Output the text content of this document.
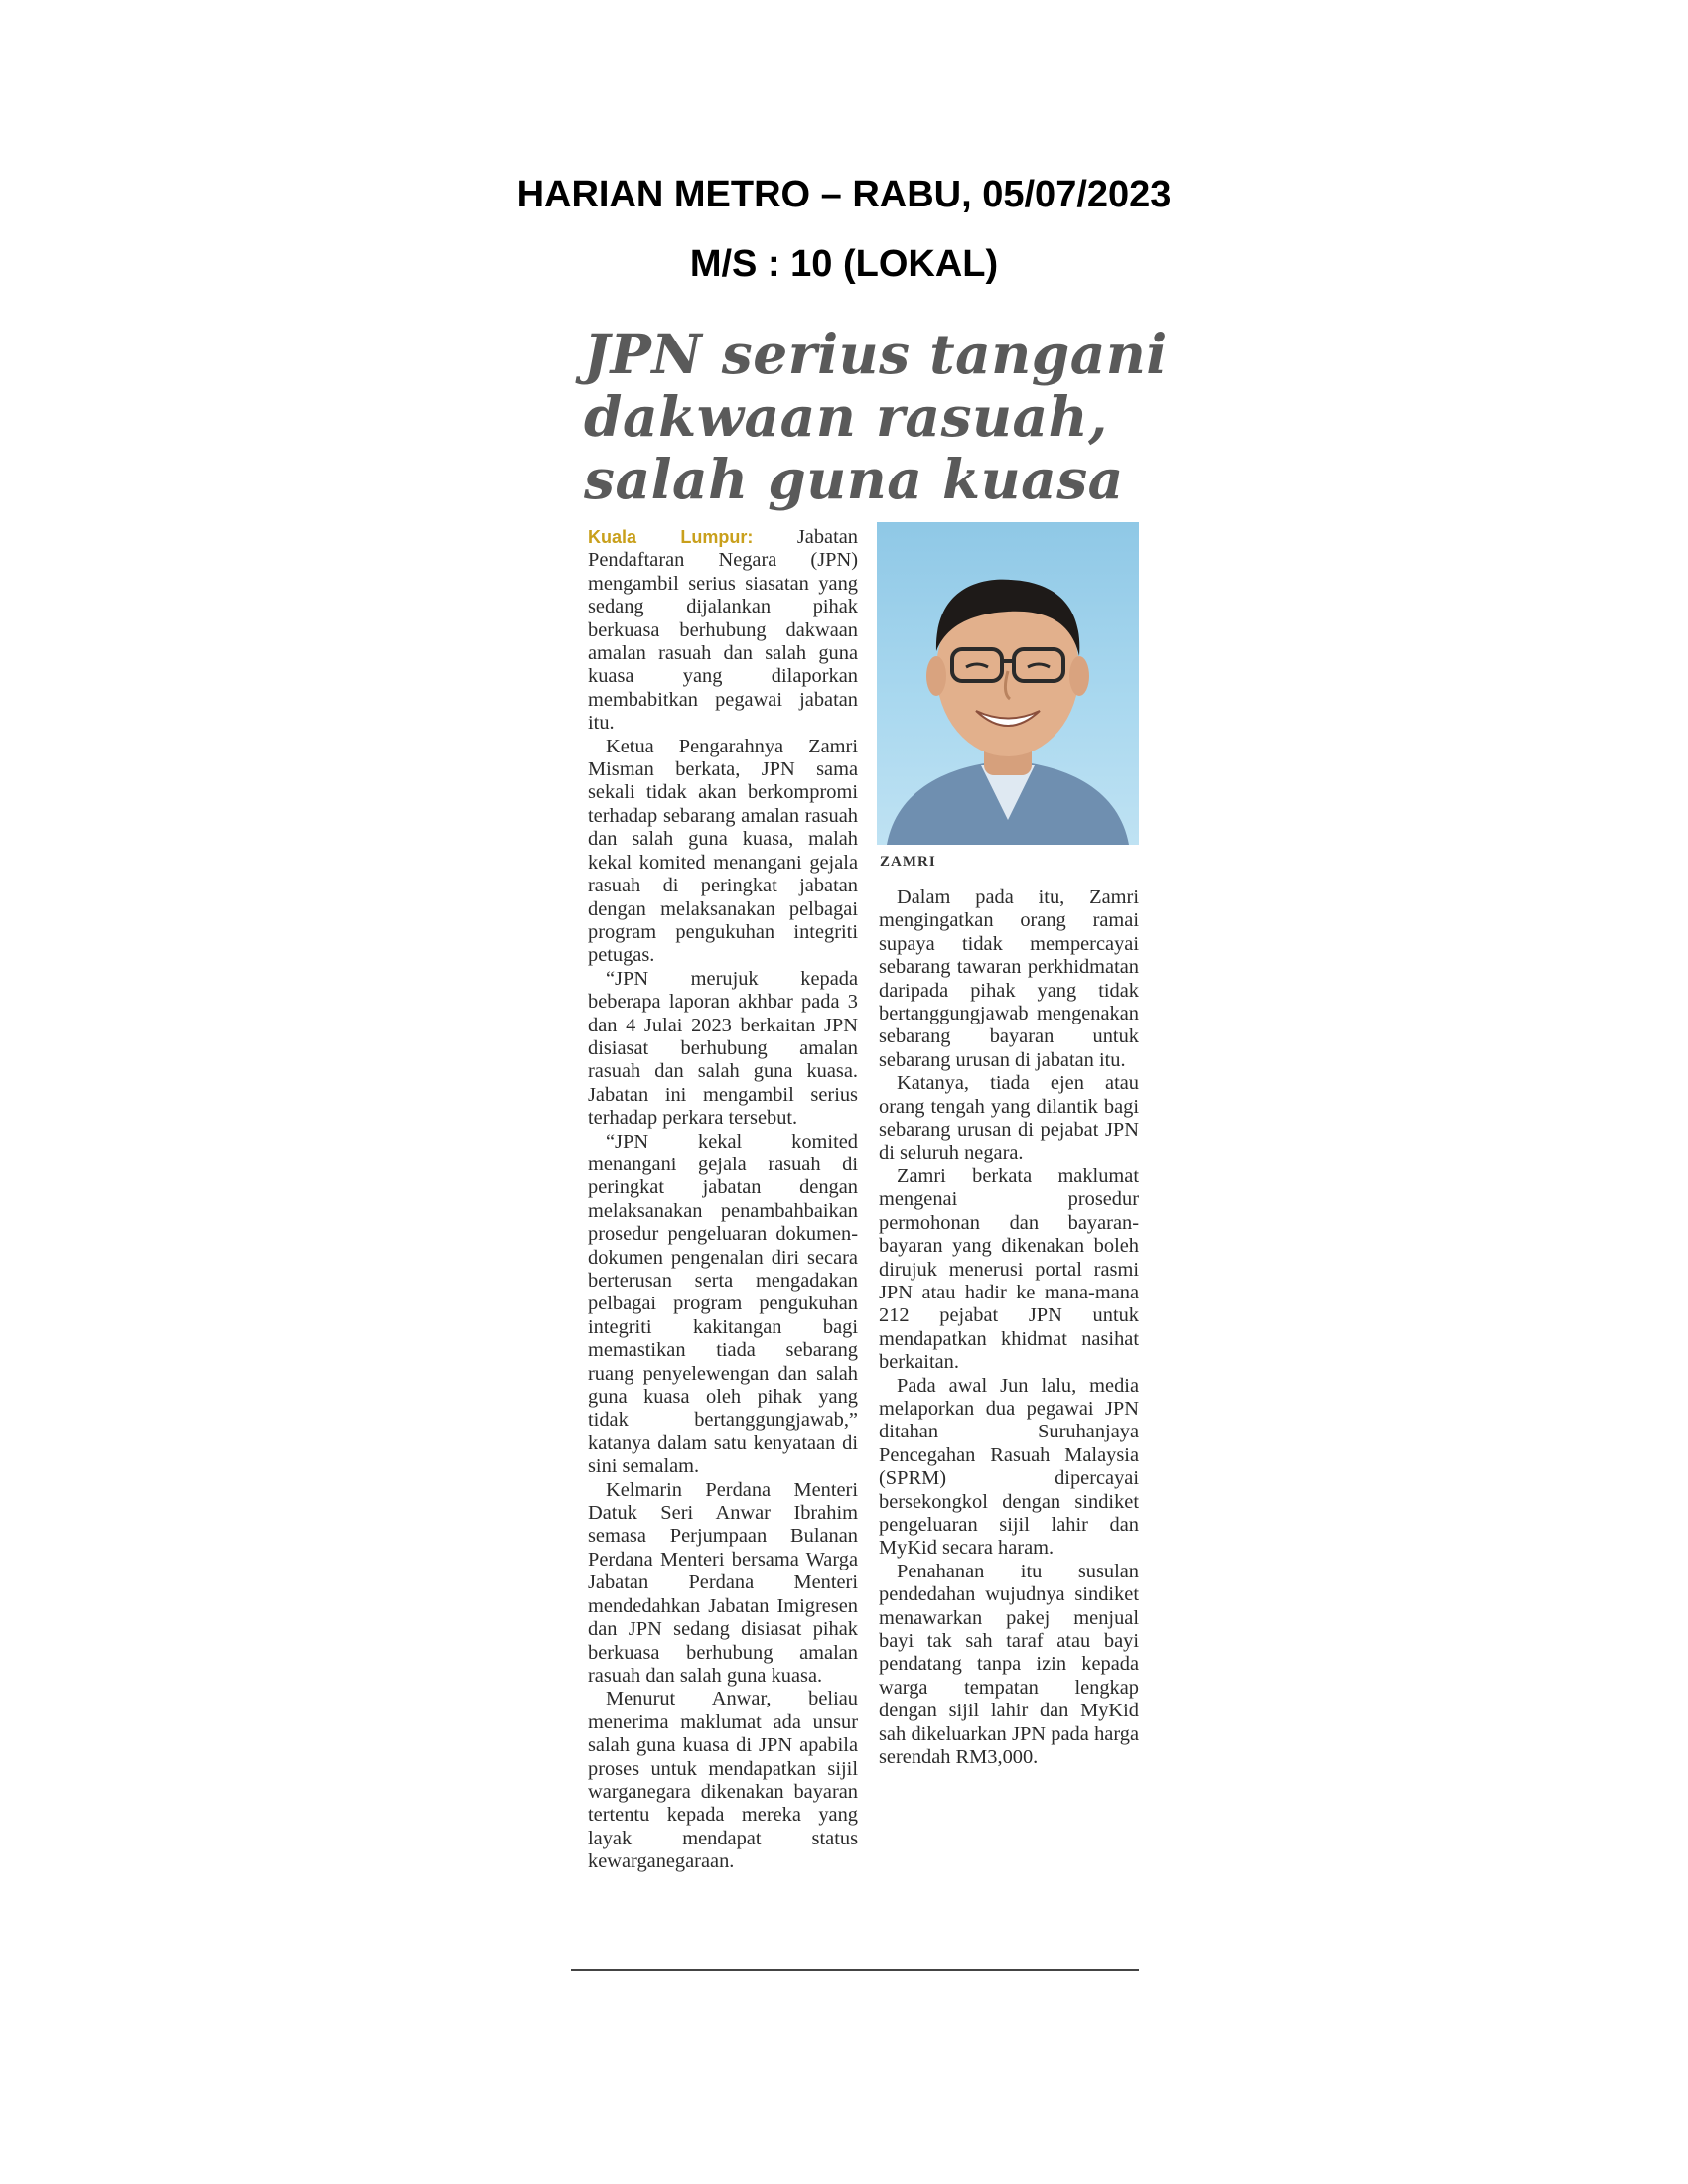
HARIAN METRO – RABU, 05/07/2023
M/S : 10 (LOKAL)
JPN serius tangani
dakwaan rasuah,
salah guna kuasa
ZAMRI

Kuala Lumpur: Jabatan Pendaftaran Negara (JPN) mengambil serius siasatan yang sedang dijalankan pihak berkuasa berhubung dakwaan amalan rasuah dan salah guna kuasa yang dilaporkan membabitkan pegawai jabatan itu.

Ketua Pengarahnya Zamri Misman berkata, JPN sama sekali tidak akan berkompromi terhadap sebarang amalan rasuah dan salah guna kuasa, malah kekal komited menangani gejala rasuah di peringkat jabatan dengan melaksanakan pelbagai program pengukuhan integriti petugas.

“JPN merujuk kepada beberapa laporan akhbar pada 3 dan 4 Julai 2023 berkaitan JPN disiasat berhubung amalan rasuah dan salah guna kuasa. Jabatan ini mengambil serius terhadap perkara tersebut.

“JPN kekal komited menangani gejala rasuah di peringkat jabatan dengan melaksanakan penambahbaikan prosedur pengeluaran dokumen-dokumen pengenalan diri secara berterusan serta mengadakan pelbagai program pengukuhan integriti kakitangan bagi memastikan tiada sebarang ruang penyelewengan dan salah guna kuasa oleh pihak yang tidak bertanggungjawab,” katanya dalam satu kenyataan di sini semalam.

Kelmarin Perdana Menteri Datuk Seri Anwar Ibrahim semasa Perjumpaan Bulanan Perdana Menteri bersama Warga Jabatan Perdana Menteri mendedahkan Jabatan Imigresen dan JPN sedang disiasat pihak berkuasa berhubung amalan rasuah dan salah guna kuasa.

Menurut Anwar, beliau menerima maklumat ada unsur salah guna kuasa di JPN apabila proses untuk mendapatkan sijil warganegara dikenakan bayaran tertentu kepada mereka yang layak mendapat status kewarganegaraan.

Dalam pada itu, Zamri mengingatkan orang ramai supaya tidak mempercayai sebarang tawaran perkhidmatan daripada pihak yang tidak bertanggungjawab mengenakan sebarang bayaran untuk sebarang urusan di jabatan itu.

Katanya, tiada ejen atau orang tengah yang dilantik bagi sebarang urusan di pejabat JPN di seluruh negara.

Zamri berkata maklumat mengenai prosedur permohonan dan bayaran-bayaran yang dikenakan boleh dirujuk menerusi portal rasmi JPN atau hadir ke mana-mana 212 pejabat JPN untuk mendapatkan khidmat nasihat berkaitan.

Pada awal Jun lalu, media melaporkan dua pegawai JPN ditahan Suruhanjaya Pencegahan Rasuah Malaysia (SPRM) dipercayai bersekongkol dengan sindiket pengeluaran sijil lahir dan MyKid secara haram.

Penahanan itu susulan pendedahan wujudnya sindiket menawarkan pakej menjual bayi tak sah taraf atau bayi pendatang tanpa izin kepada warga tempatan lengkap dengan sijil lahir dan MyKid sah dikeluarkan JPN pada harga serendah RM3,000.
